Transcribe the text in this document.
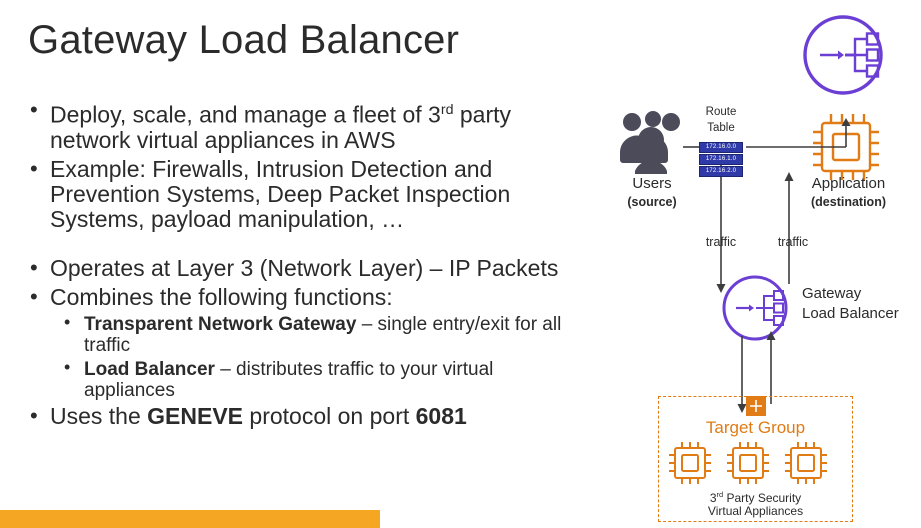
Gateway Load Balancer
• Deploy, scale, and manage a fleet of 3rd party
network virtual appliances in AWS
• Example: Firewalls, Intrusion Detection and Prevention Systems, Deep Packet Inspection Systems, payload manipulation, …
• Operates at Layer 3 (Network Layer) – IP Packets
• Combines the following functions:
• Transparent Network Gateway – single entry/exit for all traffic
• Load Balancer – distributes traffic to your virtual appliances
• Uses the GENEVE protocol on port 6081
Route
Table
172.16.0.0
172.16.1.0
172.16.2.0
Users
(source)
Application
(destination)
traffic	traffic
Gateway
Load Balancer
Target Group
3rd Party Security
Virtual Appliances
